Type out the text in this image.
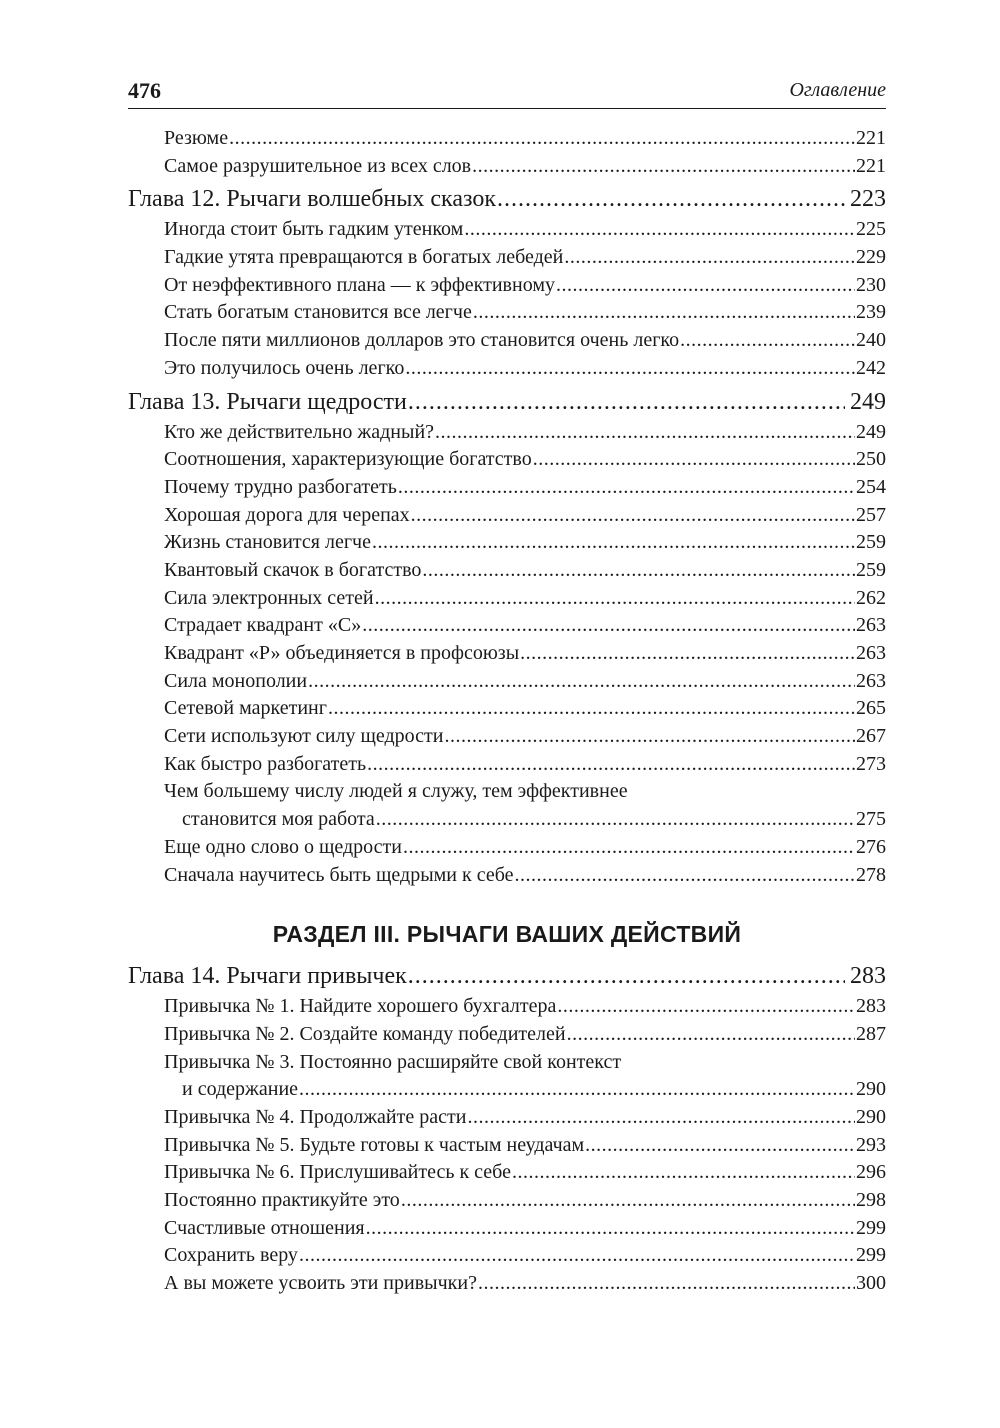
476	Оглавление
Резюме .....	221
Самое разрушительное из всех слов .....	221
Глава 12. Рычаги волшебных сказок .....	223
Иногда стоит быть гадким утенком .....	225
Гадкие утята превращаются в богатых лебедей .....	229
От неэффективного плана — к эффективному .....	230
Стать богатым становится все легче .....	239
После пяти миллионов долларов это становится очень легко .....	240
Это получилось очень легко .....	242
Глава 13. Рычаги щедрости .....	249
Кто же действительно жадный? .....	249
Соотношения, характеризующие богатство .....	250
Почему трудно разбогатеть .....	254
Хорошая дорога для черепах .....	257
Жизнь становится легче .....	259
Квантовый скачок в богатство .....	259
Сила электронных сетей .....	262
Страдает квадрант «С» .....	263
Квадрант «Р» объединяется в профсоюзы .....	263
Сила монополии .....	263
Сетевой маркетинг .....	265
Сети используют силу щедрости .....	267
Как быстро разбогатеть .....	273
Чем большему числу людей я служу, тем эффективнее
становится моя работа .....	275
Еще одно слово о щедрости .....	276
Сначала научитесь быть щедрыми к себе .....	278
РАЗДЕЛ III. РЫЧАГИ ВАШИХ ДЕЙСТВИЙ
Глава 14. Рычаги привычек .....	283
Привычка № 1. Найдите хорошего бухгалтера .....	283
Привычка № 2. Создайте команду победителей .....	287
Привычка № 3. Постоянно расширяйте свой контекст
и содержание .....	290
Привычка № 4. Продолжайте расти .....	290
Привычка № 5. Будьте готовы к частым неудачам .....	293
Привычка № 6. Прислушивайтесь к себе .....	296
Постоянно практикуйте это .....	298
Счастливые отношения .....	299
Сохранить веру .....	299
А вы можете усвоить эти привычки? .....	300
